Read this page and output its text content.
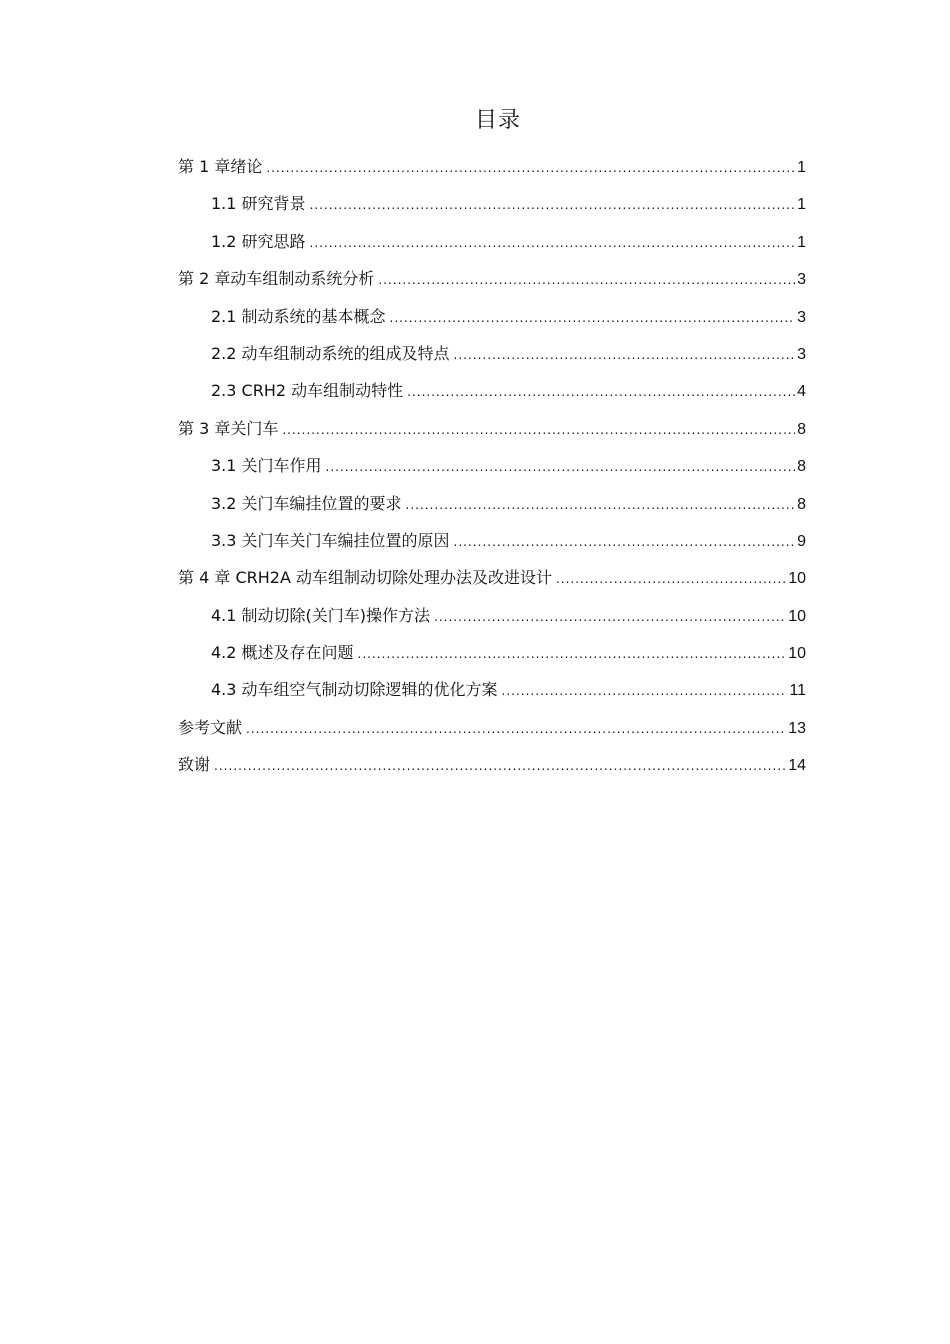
目录
第 1 章绪论 .....	1
1.1 研究背景 .....	1
1.2 研究思路 .....	1
第 2 章动车组制动系统分析 .....	3
2.1 制动系统的基本概念 .....	3
2.2 动车组制动系统的组成及特点 .....	3
2.3 CRH2 动车组制动特性 .....	4
第 3 章关门车 .....	8
3.1 关门车作用 .....	8
3.2 关门车编挂位置的要求 .....	8
3.3 关门车关门车编挂位置的原因 .....	9
第 4 章 CRH2A 动车组制动切除处理办法及改进设计 .....	10
4.1 制动切除(关门车)操作方法 .....	10
4.2 概述及存在问题 .....	10
4.3 动车组空气制动切除逻辑的优化方案 .....	11
参考文献 .....	13
致谢 .....	14
